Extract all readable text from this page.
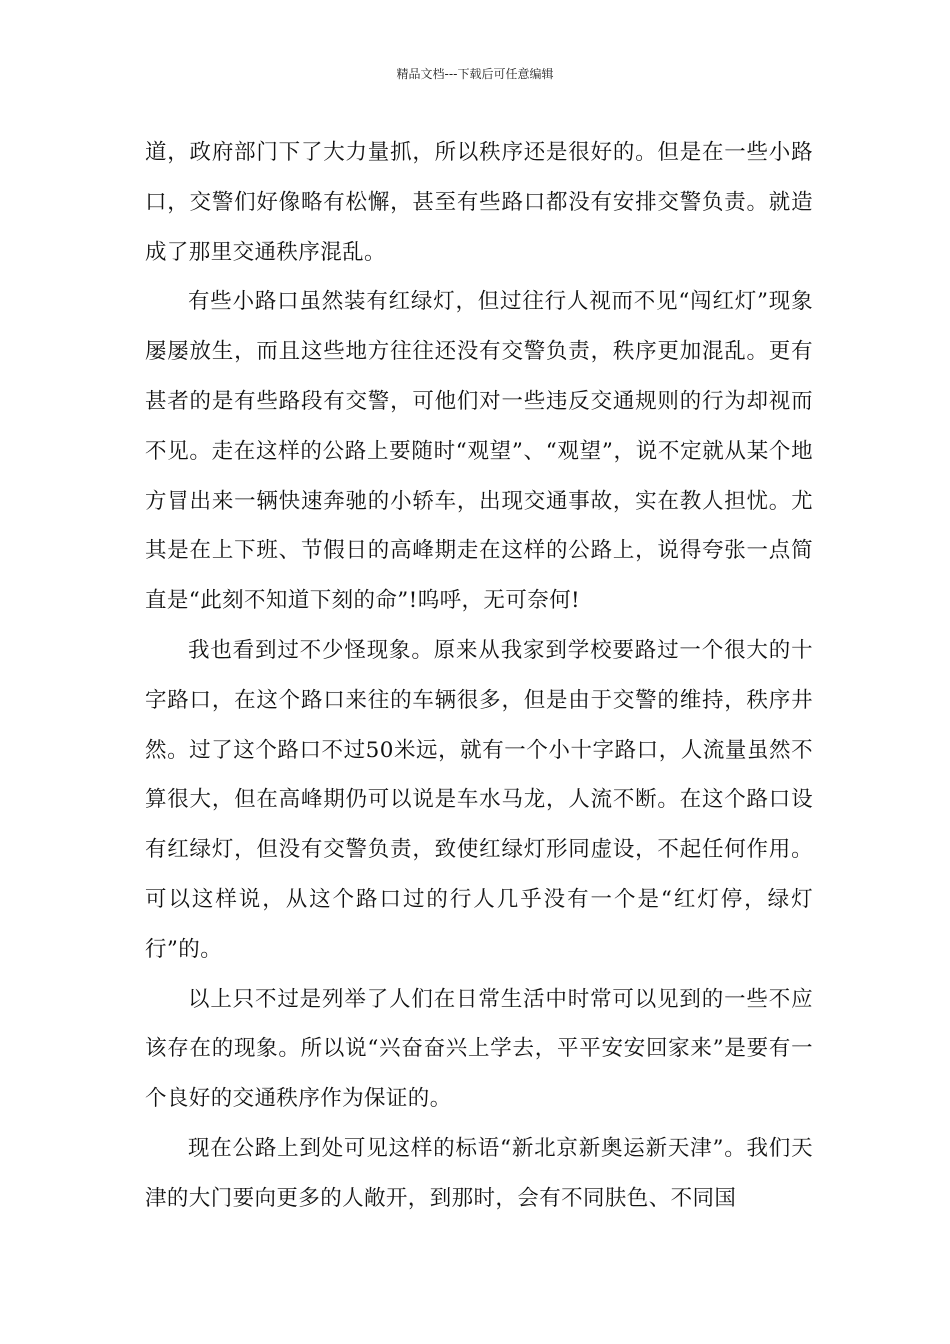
精品文档---下载后可任意编辑

道，政府部门下了大力量抓，所以秩序还是很好的。但是在一些小路口，交警们好像略有松懈，甚至有些路口都没有安排交警负责。就造成了那里交通秩序混乱。

有些小路口虽然装有红绿灯，但过往行人视而不见“闯红灯”现象屡屡放生，而且这些地方往往还没有交警负责，秩序更加混乱。更有甚者的是有些路段有交警，可他们对一些违反交通规则的行为却视而不见。走在这样的公路上要随时“观望”、“观望”，说不定就从某个地方冒出来一辆快速奔驰的小轿车，出现交通事故，实在教人担忧。尤其是在上下班、节假日的高峰期走在这样的公路上，说得夸张一点简直是“此刻不知道下刻的命”!呜呼，无可奈何!

我也看到过不少怪现象。原来从我家到学校要路过一个很大的十字路口，在这个路口来往的车辆很多，但是由于交警的维持，秩序井然。过了这个路口不过50米远，就有一个小十字路口，人流量虽然不算很大，但在高峰期仍可以说是车水马龙，人流不断。在这个路口设有红绿灯，但没有交警负责，致使红绿灯形同虚设，不起任何作用。可以这样说，从这个路口过的行人几乎没有一个是“红灯停，绿灯行”的。

以上只不过是列举了人们在日常生活中时常可以见到的一些不应该存在的现象。所以说“兴奋奋兴上学去，平平安安回家来”是要有一个良好的交通秩序作为保证的。

现在公路上到处可见这样的标语“新北京新奥运新天津”。我们天津的大门要向更多的人敞开，到那时，会有不同肤色、不同国
